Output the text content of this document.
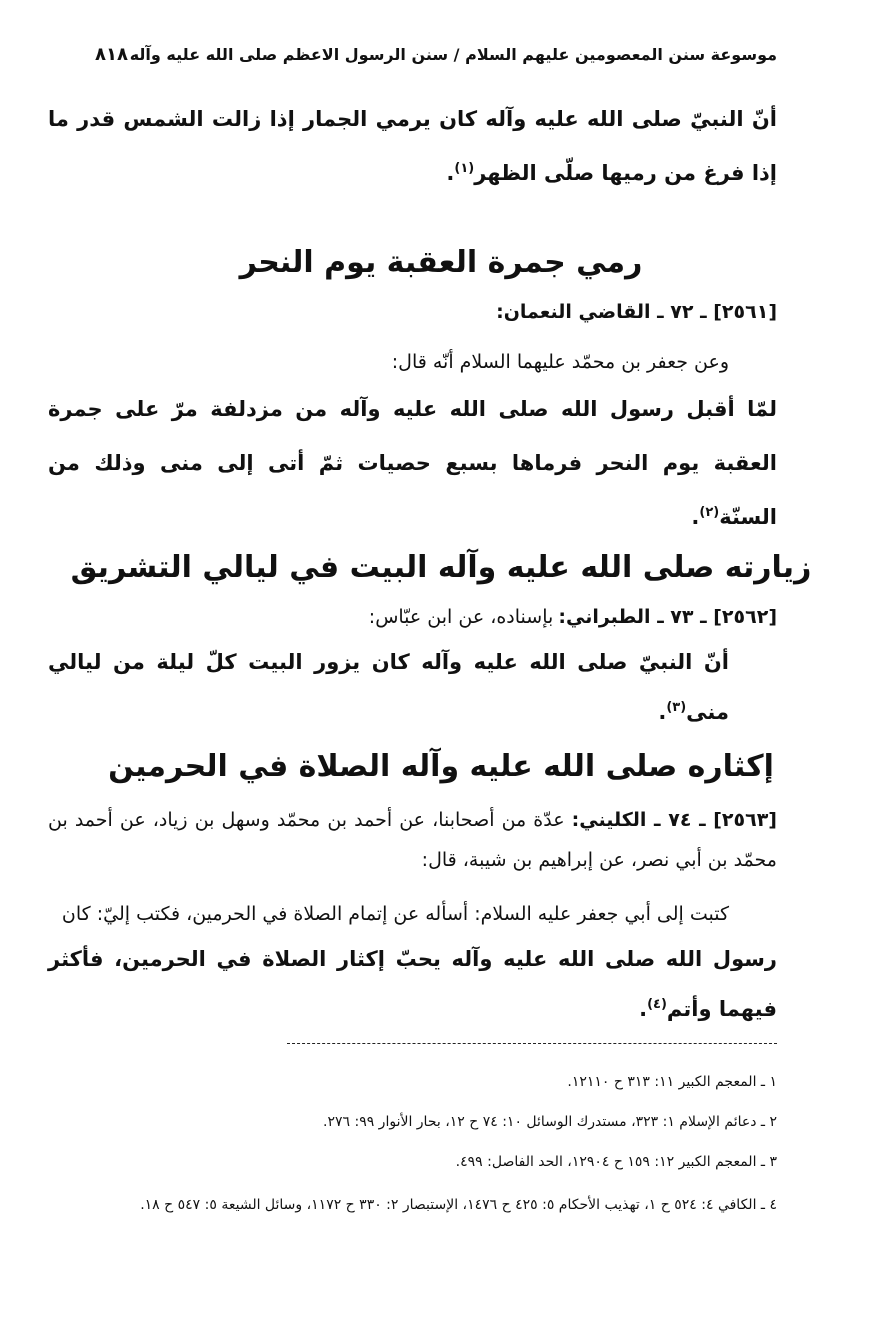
موسوعة سنن المعصومين عليهم السلام / سنن الرسول الاعظم صلى الله عليه وآله
٨١٨
أنّ النبيّ صلى الله عليه وآله كان يرمي الجمار إذا زالت الشمس قدر ما إذا فرغ من رميها صلّى الظهر$^{(١)}$.
رمي جمرة العقبة يوم النحر
[٢٥٦١] ـ ٧٢ ـ القاضي النعمان:
وعن جعفر بن محمّد عليهما السلام أنّه قال:
لمّا أقبل رسول الله صلى الله عليه وآله من مزدلفة مرّ على جمرة العقبة يوم النحر فرماها بسبع حصيات ثمّ أتى إلى منى وذلك من السنّة$^{(٢)}$.
زيارته صلى الله عليه وآله البيت في ليالي التشريق
[٢٥٦٢] ـ ٧٣ ـ الطبراني: بإسناده، عن ابن عبّاس:
أنّ النبيّ صلى الله عليه وآله كان يزور البيت كلّ ليلة من ليالي منى$^{(٣)}$.
إكثاره صلى الله عليه وآله الصلاة في الحرمين
[٢٥٦٣] ـ ٧٤ ـ الكليني: عدّة من أصحابنا، عن أحمد بن محمّد وسهل بن زياد، عن أحمد بن محمّد بن أبي نصر، عن إبراهيم بن شيبة، قال:
كتبت إلى أبي جعفر عليه السلام: أسأله عن إتمام الصلاة في الحرمين، فكتب إليّ: كان
رسول الله صلى الله عليه وآله يحبّ إكثار الصلاة في الحرمين، فأكثر فيهما وأتم$^{(٤)}$.
١ ـ المعجم الكبير ١١: ٣١٣ ح ١٢١١٠.
٢ ـ دعائم الإسلام ١: ٣٢٣، مستدرك الوسائل ١٠: ٧٤ ح ١٢، بحار الأنوار ٩٩: ٢٧٦.
٣ ـ المعجم الكبير ١٢: ١٥٩ ح ١٢٩٠٤، الحد الفاصل: ٤٩٩.
٤ ـ الكافي ٤: ٥٢٤ ح ١، تهذيب الأحكام ٥: ٤٢٥ ح ١٤٧٦، الإستبصار ٢: ٣٣٠ ح ١١٧٢، وسائل الشيعة ٥: ٥٤٧ ح ١٨.
